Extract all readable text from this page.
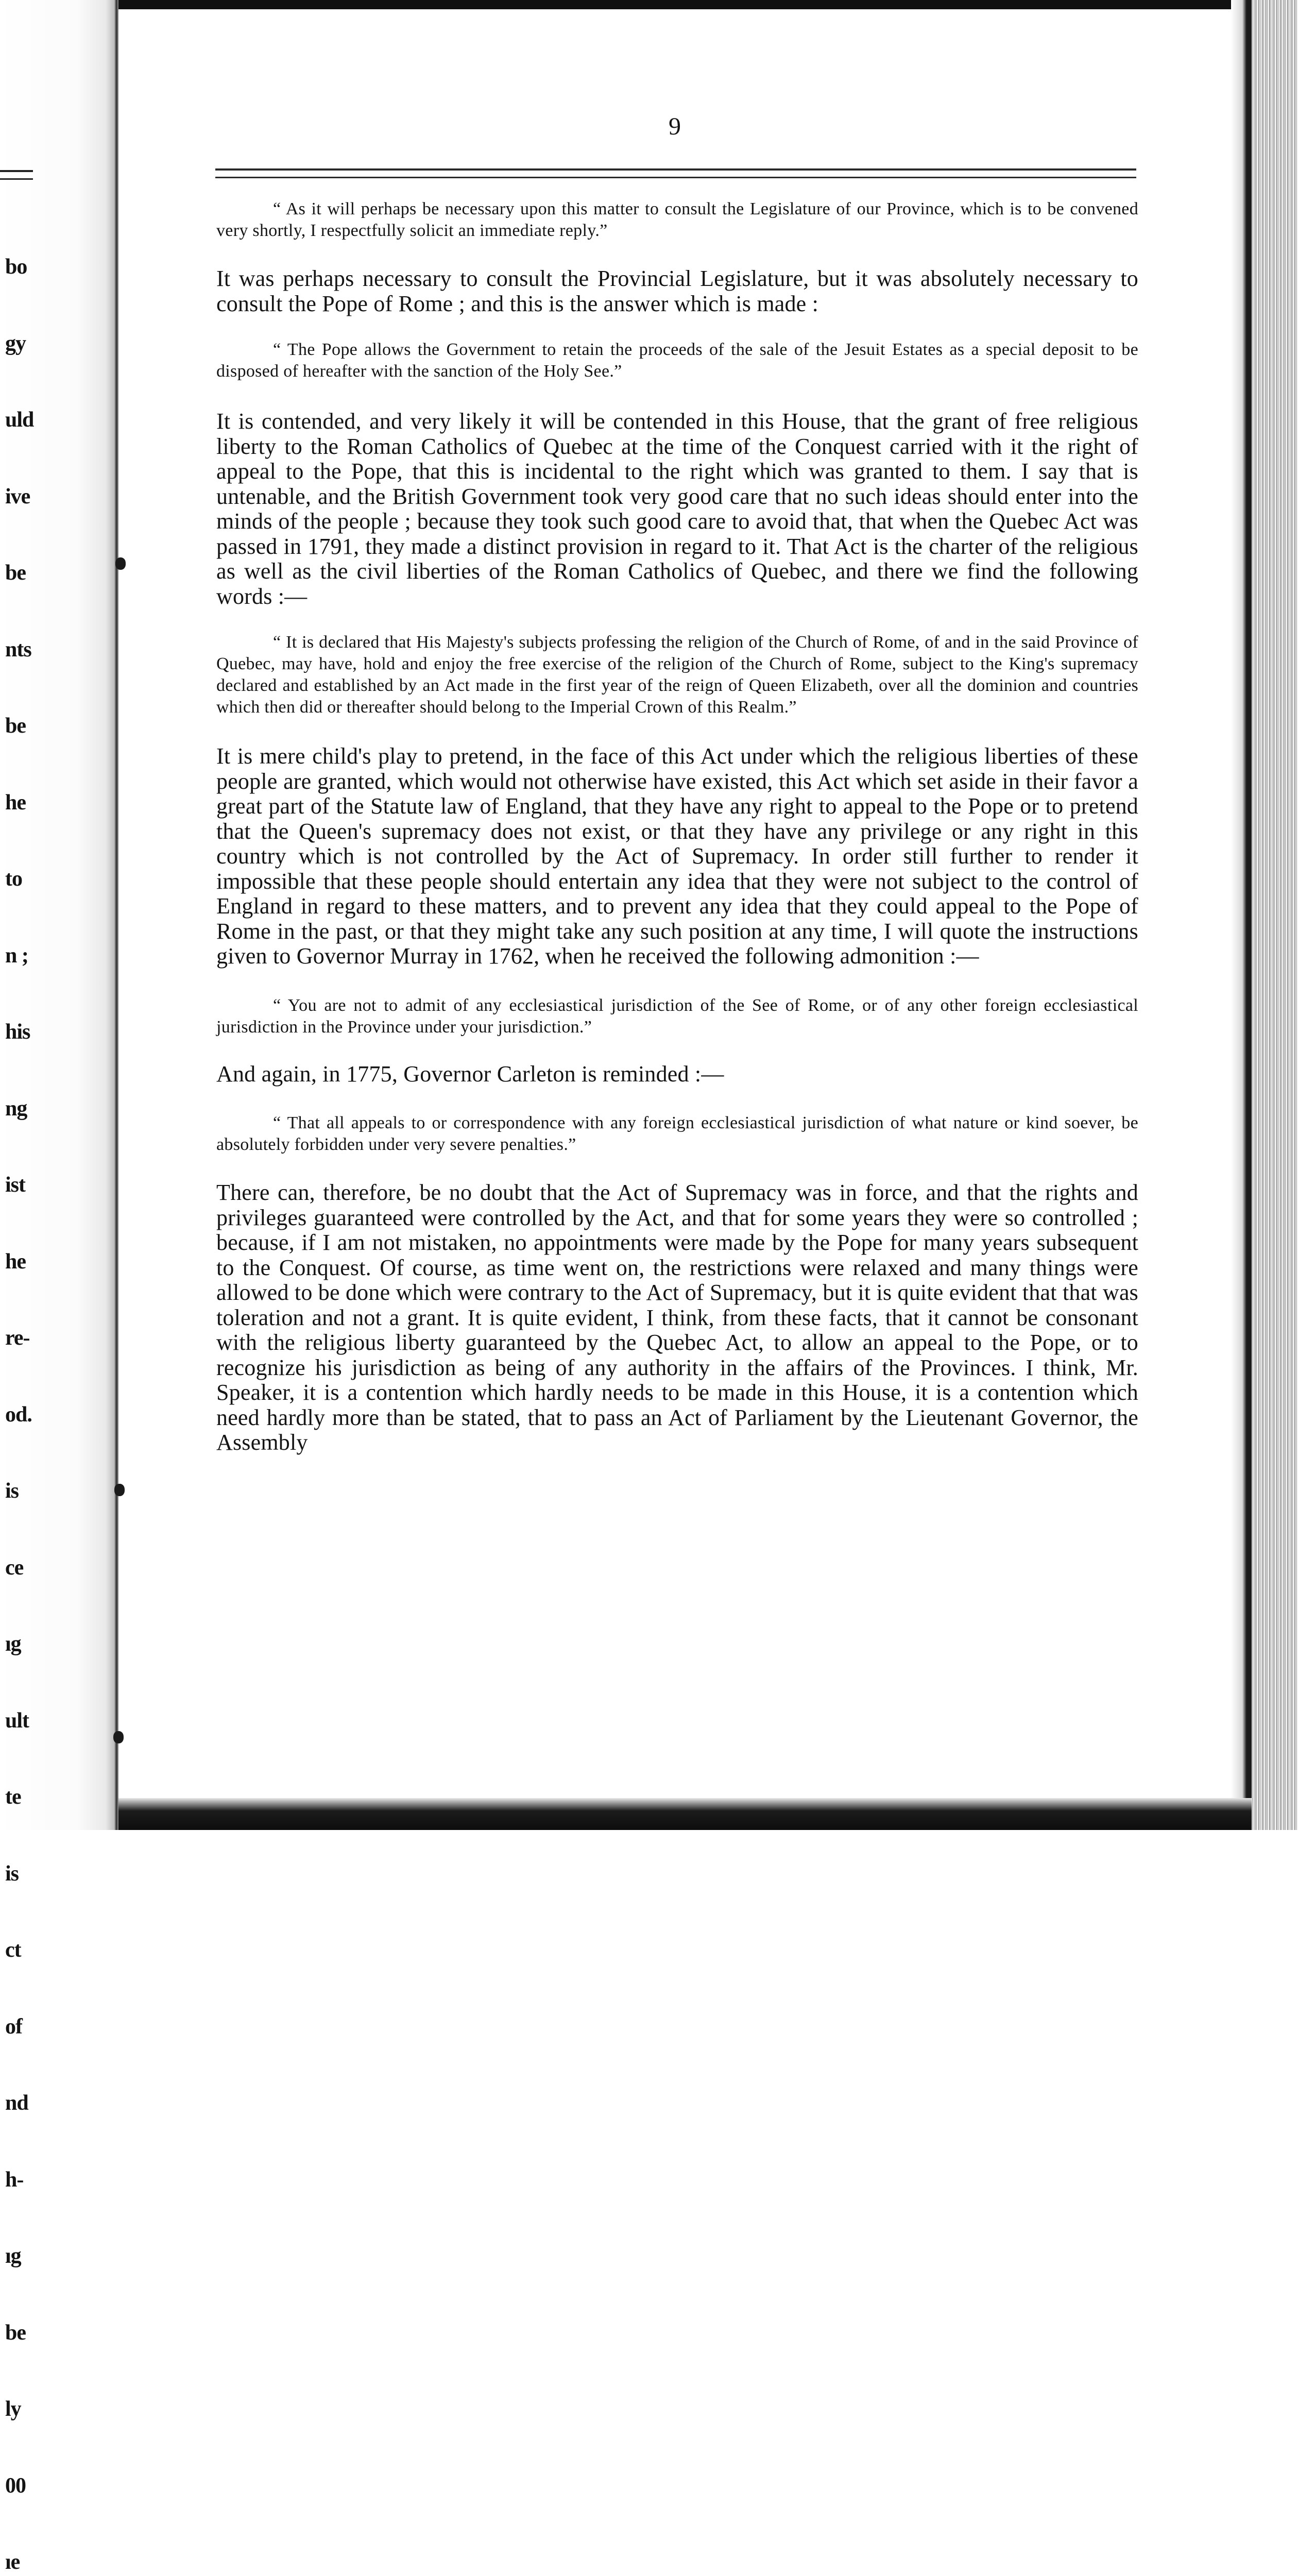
bo

gy

uld

ive

be

nts

be

he

to

n ;

his

ng

ist

he

re-

od.

is

ce

ıg

ult

te

is

ct

of

nd

h-

ıg

be

ly

00

ıe

9

“ As it will perhaps be necessary upon this matter to consult the Legislature of our Province, which is to be convened very shortly, I respectfully solicit an immediate reply.”

It was perhaps necessary to consult the Provincial Legislature, but it was absolutely necessary to consult the Pope of Rome ; and this is the answer which is made :

“ The Pope allows the Government to retain the proceeds of the sale of the Jesuit Estates as a special deposit to be disposed of hereafter with the sanction of the Holy See.”

It is contended, and very likely it will be contended in this House, that the grant of free religious liberty to the Roman Catholics of Quebec at the time of the Conquest carried with it the right of appeal to the Pope, that this is incidental to the right which was granted to them. I say that is untenable, and the British Government took very good care that no such ideas should enter into the minds of the people ; because they took such good care to avoid that, that when the Quebec Act was passed in 1791, they made a distinct provision in regard to it. That Act is the charter of the religious as well as the civil liberties of the Roman Catholics of Quebec, and there we find the following words :—

“ It is declared that His Majesty's subjects professing the religion of the Church of Rome, of and in the said Province of Quebec, may have, hold and enjoy the free exercise of the religion of the Church of Rome, subject to the King's supremacy declared and established by an Act made in the first year of the reign of Queen Elizabeth, over all the dominion and countries which then did or thereafter should belong to the Imperial Crown of this Realm.”

It is mere child's play to pretend, in the face of this Act under which the religious liberties of these people are granted, which would not otherwise have existed, this Act which set aside in their favor a great part of the Statute law of England, that they have any right to appeal to the Pope or to pretend that the Queen's supremacy does not exist, or that they have any privilege or any right in this country which is not controlled by the Act of Supremacy. In order still further to render it impossible that these people should entertain any idea that they were not subject to the control of England in regard to these matters, and to prevent any idea that they could appeal to the Pope of Rome in the past, or that they might take any such position at any time, I will quote the instructions given to Governor Murray in 1762, when he received the following admonition :—

“ You are not to admit of any ecclesiastical jurisdiction of the See of Rome, or of any other foreign ecclesiastical jurisdiction in the Province under your jurisdiction.”

And again, in 1775, Governor Carleton is reminded :—

“ That all appeals to or correspondence with any foreign ecclesiastical jurisdiction of what nature or kind soever, be absolutely forbidden under very severe penalties.”

There can, therefore, be no doubt that the Act of Supremacy was in force, and that the rights and privileges guaranteed were controlled by the Act, and that for some years they were so controlled ; because, if I am not mistaken, no appointments were made by the Pope for many years subsequent to the Conquest. Of course, as time went on, the restrictions were relaxed and many things were allowed to be done which were contrary to the Act of Supremacy, but it is quite evident that that was toleration and not a grant. It is quite evident, I think, from these facts, that it cannot be consonant with the religious liberty guaranteed by the Quebec Act, to allow an appeal to the Pope, or to recognize his jurisdiction as being of any authority in the affairs of the Provinces. I think, Mr. Speaker, it is a contention which hardly needs to be made in this House, it is a contention which need hardly more than be stated, that to pass an Act of Parliament by the Lieutenant Governor, the Assembly
